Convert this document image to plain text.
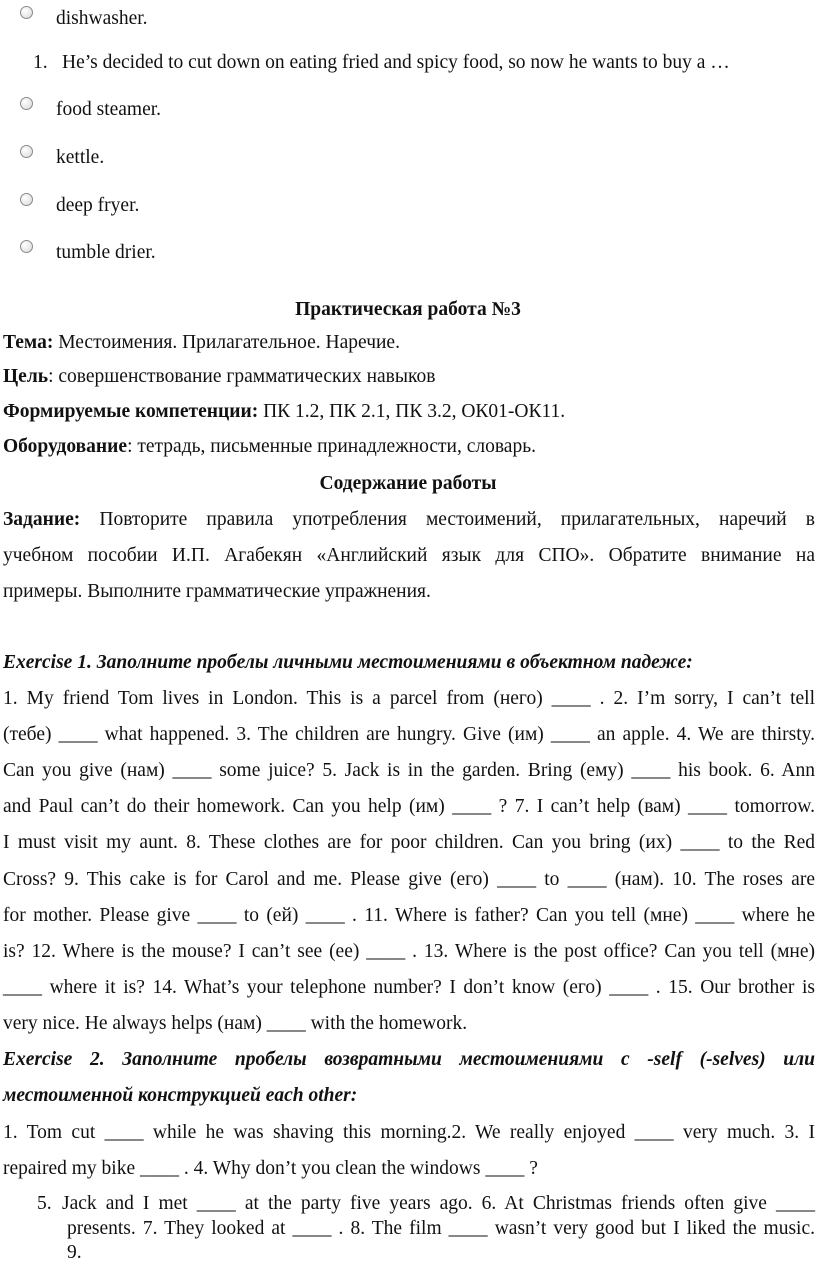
dishwasher.
1. He’s decided to cut down on eating fried and spicy food, so now he wants to buy a …
food steamer.
kettle.
deep fryer.
tumble drier.
Практическая работа №3
Тема: Местоимения. Прилагательное. Наречие.
Цель: совершенствование грамматических навыков
Формируемые компетенции: ПК 1.2, ПК 2.1, ПК 3.2, ОК01-ОК11.
Оборудование: тетрадь, письменные принадлежности, словарь.
Содержание работы
Задание: Повторите правила употребления местоимений, прилагательных, наречий в
учебном пособии И.П. Агабекян «Английский язык для СПО». Обратите внимание на
примеры. Выполните грамматические упражнения.
Exercise 1. Заполните пробелы личными местоимениями в объектном падеже:
1. My friend Tom lives in London. This is a parcel from (него) ____ . 2. I’m sorry, I can’t tell
(тебе) ____ what happened. 3. The children are hungry. Give (им) ____ an apple. 4. We are thirsty.
Can you give (нам) ____ some juice? 5. Jack is in the garden. Bring (ему) ____ his book. 6. Ann
and Paul can’t do their homework. Can you help (им) ____ ? 7. I can’t help (вам) ____ tomorrow.
I must visit my aunt. 8. These clothes are for poor children. Can you bring (их) ____ to the Red
Cross? 9. This cake is for Carol and me. Please give (его) ____ to ____ (нам). 10. The roses are
for mother. Please give ____ to (ей) ____ . 11. Where is father? Can you tell (мне) ____ where he
is? 12. Where is the mouse? I can’t see (ее) ____ . 13. Where is the post office? Can you tell (мне)
____ where it is? 14. What’s your telephone number? I don’t know (его) ____ . 15. Our brother is
very nice. He always helps (нам) ____ with the homework.
Exercise 2. Заполните пробелы возвратными местоимениями с -self (-selves) или
местоименной конструкцией each other:
1. Tom cut ____ while he was shaving this morning.2. We really enjoyed ____ very much. 3. I
repaired my bike ____ . 4. Why don’t you clean the windows ____ ?
5. Jack and I met ____ at the party five years ago. 6. At Christmas friends often give ____
presents. 7. They looked at ____ . 8. The film ____ wasn’t very good but I liked the music.
9.
